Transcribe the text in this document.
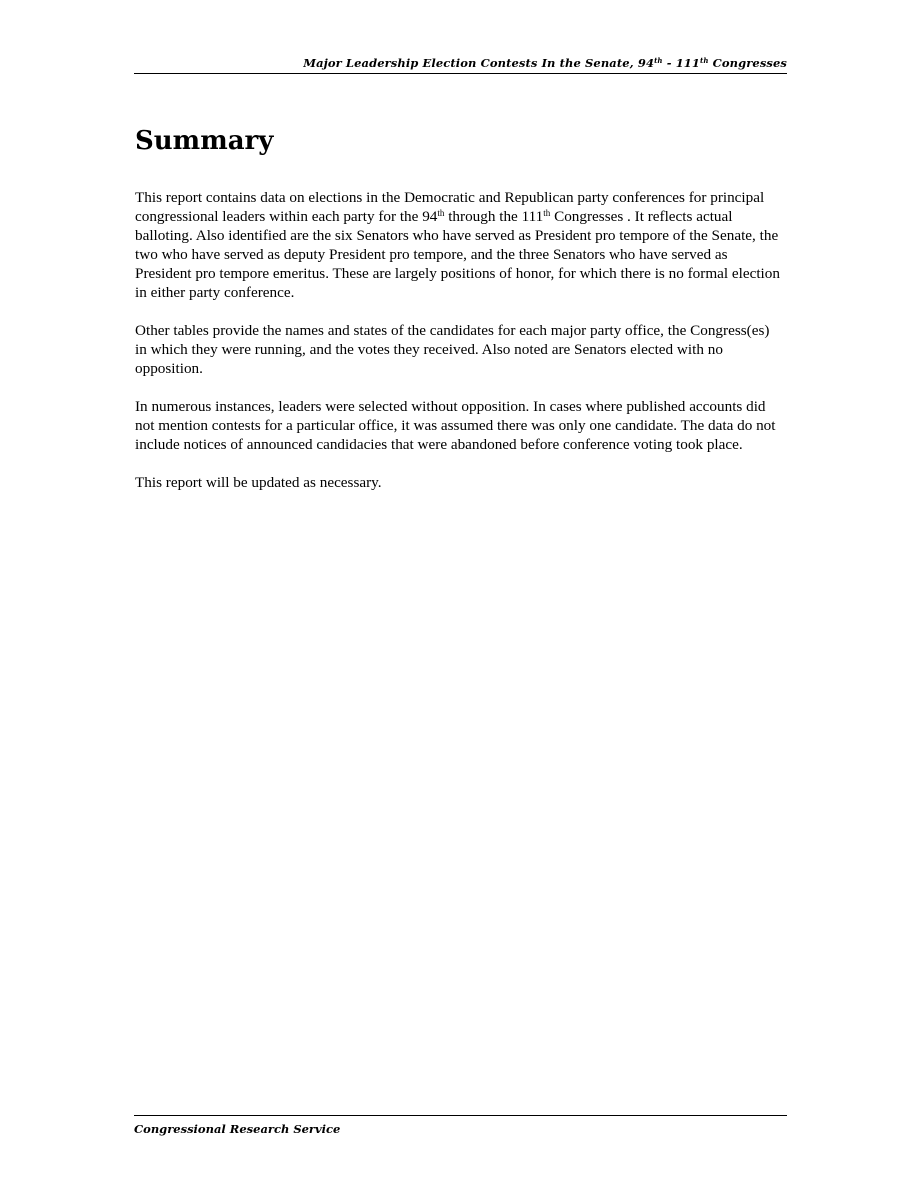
Major Leadership Election Contests In the Senate, 94th - 111th Congresses
Summary

This report contains data on elections in the Democratic and Republican party conferences for principal congressional leaders within each party for the 94th through the 111th Congresses . It reflects actual balloting. Also identified are the six Senators who have served as President pro tempore of the Senate, the two who have served as deputy President pro tempore, and the three Senators who have served as President pro tempore emeritus. These are largely positions of honor, for which there is no formal election in either party conference.

Other tables provide the names and states of the candidates for each major party office, the Congress(es) in which they were running, and the votes they received. Also noted are Senators elected with no opposition.

In numerous instances, leaders were selected without opposition. In cases where published accounts did not mention contests for a particular office, it was assumed there was only one candidate. The data do not include notices of announced candidacies that were abandoned before conference voting took place.

This report will be updated as necessary.

Congressional Research Service
